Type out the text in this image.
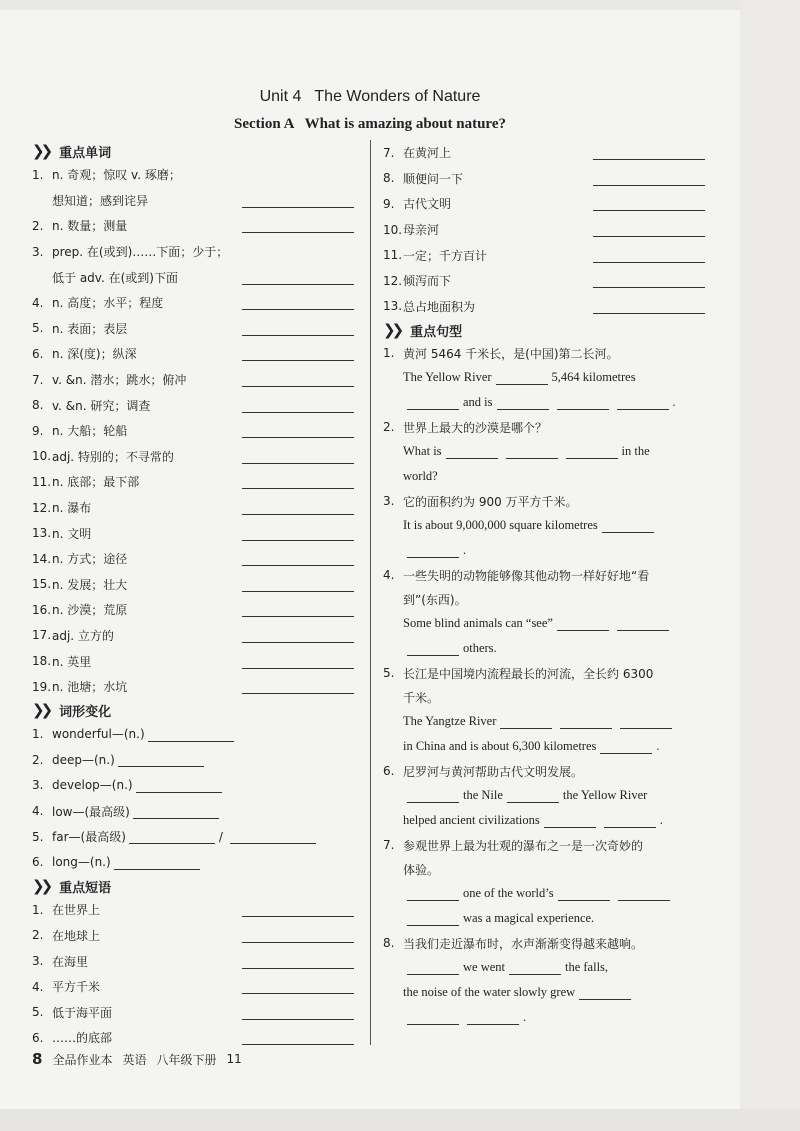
Unit 4   The Wonders of Nature
Section A   What is amazing about nature?
❯❯ 重点单词
1. n. 奇观；惊叹 v. 琢磨；
想知道；感到诧异
2. n. 数量；测量
3. prep. 在(或到)……下面；少于；
低于 adv. 在(或到)下面
4. n. 高度；水平；程度
5. n. 表面；表层
6. n. 深(度)；纵深
7. v. &n. 潜水；跳水；俯冲
8. v. &n. 研究；调查
9. n. 大船；轮船
10. adj. 特别的；不寻常的
11. n. 底部；最下部
12. n. 瀑布
13. n. 文明
14. n. 方式；途径
15. n. 发展；壮大
16. n. 沙漠；荒原
17. adj. 立方的
18. n. 英里
19. n. 池塘；水坑
❯❯ 词形变化
1. wonderful—(n.)
2. deep—(n.)
3. develop—(n.)
4. low—(最高级)
5. far—(最高级)	/
6. long—(n.)
❯❯ 重点短语
1. 在世界上
2. 在地球上
3. 在海里
4. 平方千米
5. 低于海平面
6. ……的底部
7. 在黄河上
8. 顺便问一下
9. 古代文明
10. 母亲河
11. 一定；千方百计
12. 倾泻而下
13. 总占地面积为
❯❯ 重点句型
1. 黄河 5464 千米长，是(中国)第二长河。
The Yellow River	5,464 kilometres
and is	.
2. 世界上最大的沙漠是哪个？
What is	in the
world?
3. 它的面积约为 900 万平方千米。
It is about 9,000,000 square kilometres
.
4. 一些失明的动物能够像其他动物一样好好地“看
到”(东西)。
Some blind animals can “see”
others.
5. 长江是中国境内流程最长的河流，全长约 6300
千米。
The Yangtze River
in China and is about 6,300 kilometres	.
6. 尼罗河与黄河帮助古代文明发展。
the Nile	the Yellow River
helped ancient civilizations	.
7. 参观世界上最为壮观的瀑布之一是一次奇妙的
体验。
one of the world’s
was a magical experience.
8. 当我们走近瀑布时，水声渐渐变得越来越响。
we went	the falls,
the noise of the water slowly grew
.
8 全品作业本 英语 八年级下册 11
